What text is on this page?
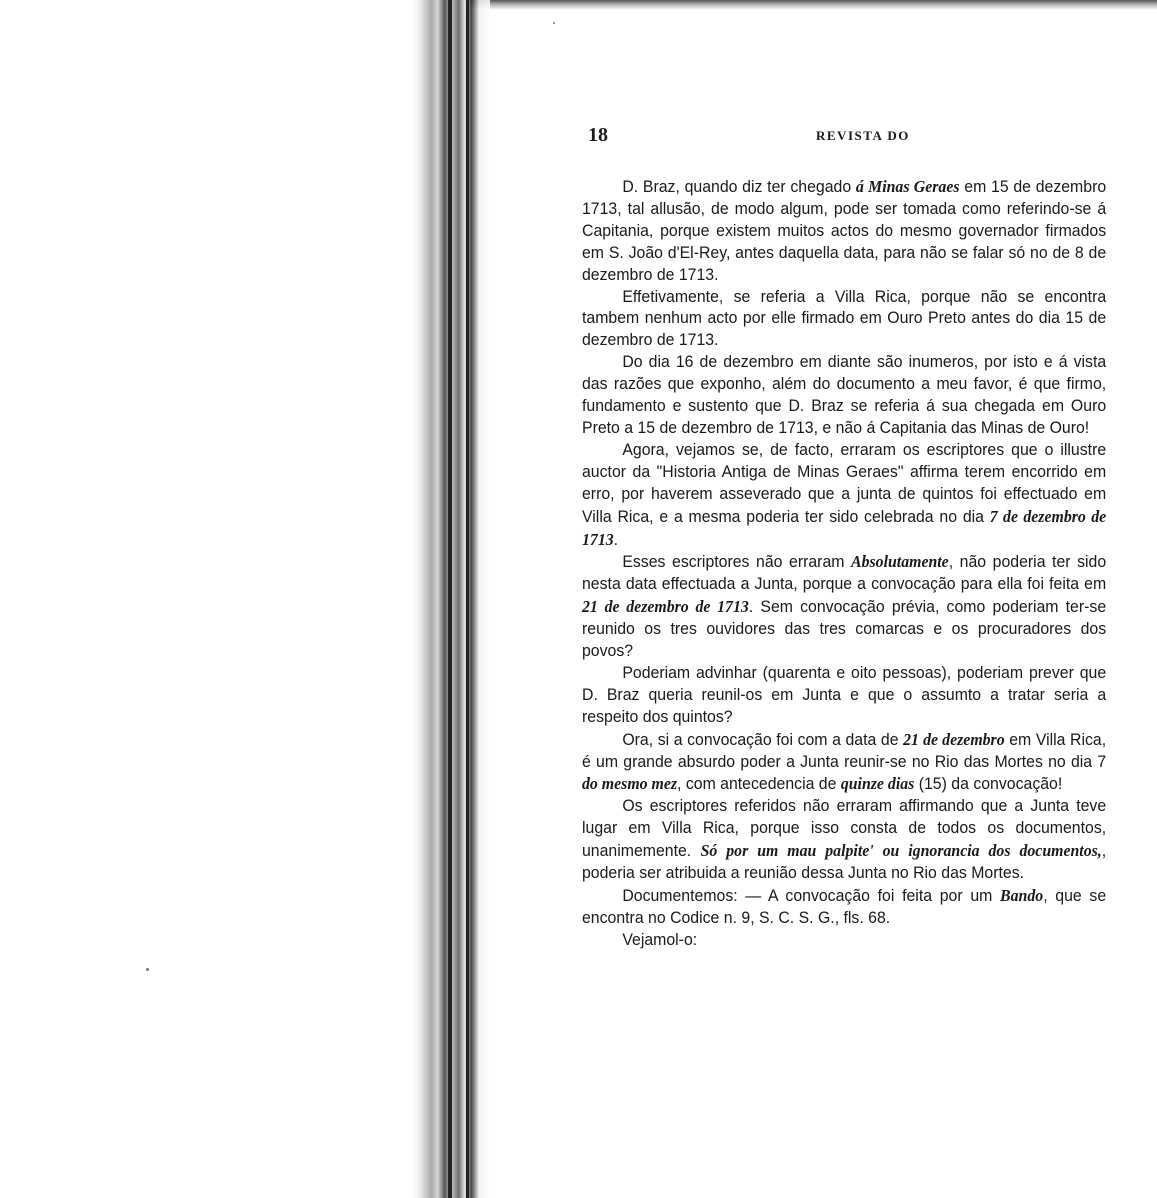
18	REVISTA DO

D. Braz, quando diz ter chegado á Minas Geraes em 15 de dezembro 1713, tal allusão, de modo algum, pode ser tomada como referindo-se á Capitania, porque existem muitos actos do mesmo governador firmados em S. João d'El-Rey, antes daquella data, para não se falar só no de 8 de dezembro de 1713.

Effetivamente, se referia a Villa Rica, porque não se encontra tambem nenhum acto por elle firmado em Ouro Preto antes do dia 15 de dezembro de 1713.

Do dia 16 de dezembro em diante são inumeros, por isto e á vista das razões que exponho, além do documento a meu favor, é que firmo, fundamento e sustento que D. Braz se referia á sua chegada em Ouro Preto a 15 de dezembro de 1713, e não á Capitania das Minas de Ouro!

Agora, vejamos se, de facto, erraram os escriptores que o illustre auctor da "Historia Antiga de Minas Geraes" affirma terem encorrido em erro, por haverem asseverado que a junta de quintos foi effectuado em Villa Rica, e a mesma poderia ter sido celebrada no dia 7 de dezembro de 1713.

Esses escriptores não erraram Absolutamente, não poderia ter sido nesta data effectuada a Junta, porque a convocação para ella foi feita em 21 de dezembro de 1713. Sem convocação prévia, como poderiam ter-se reunido os tres ouvidores das tres comarcas e os procuradores dos povos?

Poderiam advinhar (quarenta e oito pessoas), poderiam prever que D. Braz queria reunil-os em Junta e que o assumto a tratar seria a respeito dos quintos?

Ora, si a convocação foi com a data de 21 de dezembro em Villa Rica, é um grande absurdo poder a Junta reunir-se no Rio das Mortes no dia 7 do mesmo mez, com antecedencia de quinze dias (15) da convocação!

Os escriptores referidos não erraram affirmando que a Junta teve lugar em Villa Rica, porque isso consta de todos os documentos, unanimemente. Só por um mau palpite' ou ignorancia dos documentos,, poderia ser atribuida a reunião dessa Junta no Rio das Mortes.

Documentemos: — A convocação foi feita por um Bando, que se encontra no Codice n. 9, S. C. S. G., fls. 68.

Vejamol-o:
